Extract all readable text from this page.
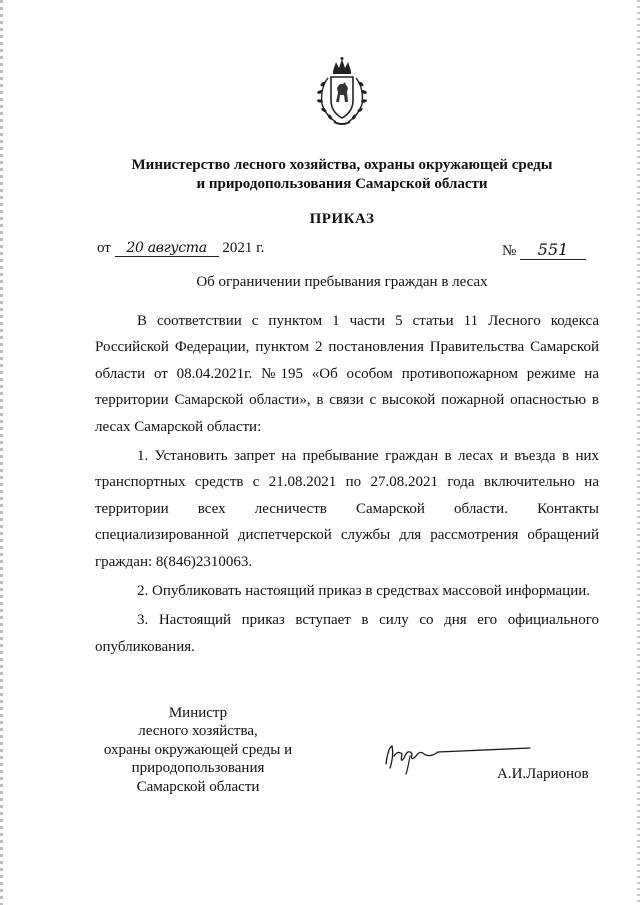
Министерство лесного хозяйства, охраны окружающей среды
и природопользования Самарской области
ПРИКАЗ
от 20 августа 2021 г.	№ 551
Об ограничении пребывания граждан в лесах

В соответствии с пунктом 1 части 5 статьи 11 Лесного кодекса Российской Федерации, пунктом 2 постановления Правительства Самарской области от 08.04.2021г. №195 «Об особом противопожарном режиме на территории Самарской области», в связи с высокой пожарной опасностью в лесах Самарской области:

1. Установить запрет на пребывание граждан в лесах и въезда в них транспортных средств с 21.08.2021 по 27.08.2021 года включительно на территории всех лесничеств Самарской области. Контакты специализированной диспетчерской службы для рассмотрения обращений граждан: 8(846)2310063.

2. Опубликовать настоящий приказ в средствах массовой информации.

3. Настоящий приказ вступает в силу со дня его официального опубликования.

Министр
лесного хозяйства,
охраны окружающей среды и
природопользования
Самарской области
А.И.Ларионов
